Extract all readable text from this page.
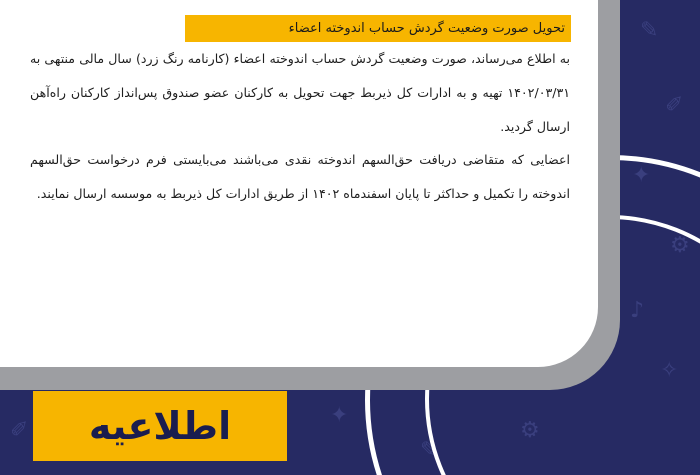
✎
✐
✦
⚙
♪
✧
⚙
✎
✦
✐
تحویل صورت وضعیت گردش حساب اندوخته اعضاء

به اطلاع می‌رساند، صورت وضعیت گردش حساب اندوخته اعضاء (کارنامه رنگ زرد) سال مالی منتهی به ۱۴۰۲/۰۳/۳۱ تهیه و به ادارات کل ذیربط جهت تحویل به کارکنان عضو صندوق پس‌انداز کارکنان راه‌آهن ارسال گردید.

اعضایی که متقاضی دریافت حق‌السهم اندوخته نقدی می‌باشند می‌بایستی فرم درخواست حق‌السهم اندوخته را تکمیل و حداکثر تا پایان اسفندماه ۱۴۰۲ از طریق ادارات کل ذیربط به موسسه ارسال نمایند.

اطلاعیه
